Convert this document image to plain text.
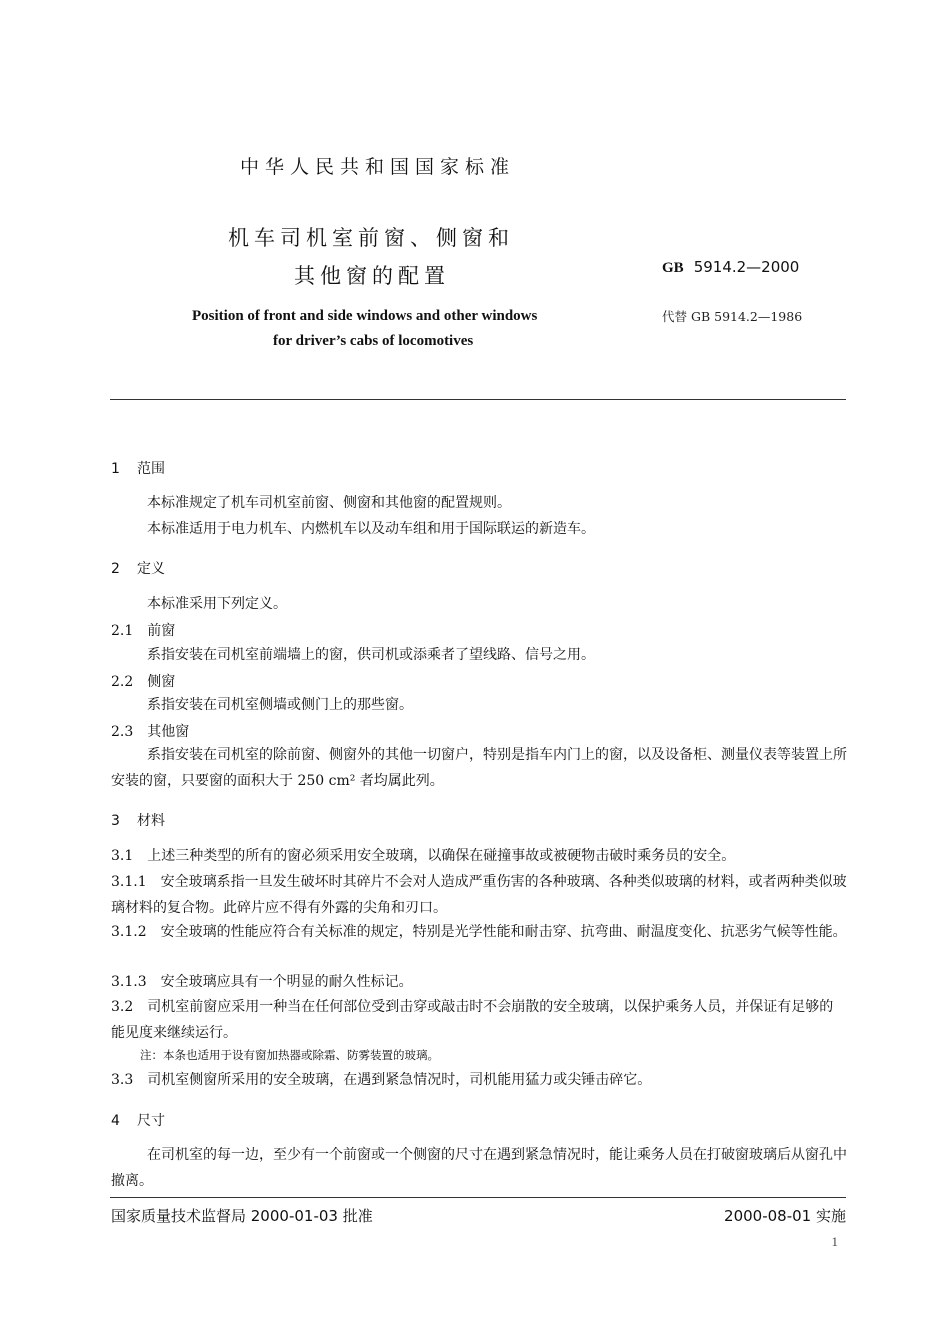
中华人民共和国国家标准
机车司机室前窗、侧窗和
其他窗的配置	GB 5914.2—2000
Position of front and side windows and other windows
for driver’s cabs of locomotives
代替 GB 5914.2—1986
1 范围
本标准规定了机车司机室前窗、侧窗和其他窗的配置规则。
本标准适用于电力机车、内燃机车以及动车组和用于国际联运的新造车。
2 定义
本标准采用下列定义。
2.1 前窗
系指安装在司机室前端墙上的窗，供司机或添乘者了望线路、信号之用。
2.2 侧窗
系指安装在司机室侧墙或侧门上的那些窗。
2.3 其他窗
系指安装在司机室的除前窗、侧窗外的其他一切窗户，特别是指车内门上的窗，以及设备柜、测量仪表等装置上所安装的窗，只要窗的面积大于 250 cm² 者均属此列。
3 材料
3.1　上述三种类型的所有的窗必须采用安全玻璃，以确保在碰撞事故或被硬物击破时乘务员的安全。
3.1.1　安全玻璃系指一旦发生破坏时其碎片不会对人造成严重伤害的各种玻璃、各种类似玻璃的材料，或者两种类似玻璃材料的复合物。此碎片应不得有外露的尖角和刃口。
3.1.2　安全玻璃的性能应符合有关标准的规定，特别是光学性能和耐击穿、抗弯曲、耐温度变化、抗恶劣气候等性能。
3.1.3　安全玻璃应具有一个明显的耐久性标记。
3.2　司机室前窗应采用一种当在任何部位受到击穿或敲击时不会崩散的安全玻璃，以保护乘务人员，并保证有足够的能见度来继续运行。
注：本条也适用于设有窗加热器或除霜、防雾装置的玻璃。
3.3　司机室侧窗所采用的安全玻璃，在遇到紧急情况时，司机能用猛力或尖锤击碎它。
4 尺寸
在司机室的每一边，至少有一个前窗或一个侧窗的尺寸在遇到紧急情况时，能让乘务人员在打破窗玻璃后从窗孔中撤离。
国家质量技术监督局 2000-01-03 批准	2000-08-01 实施
1
